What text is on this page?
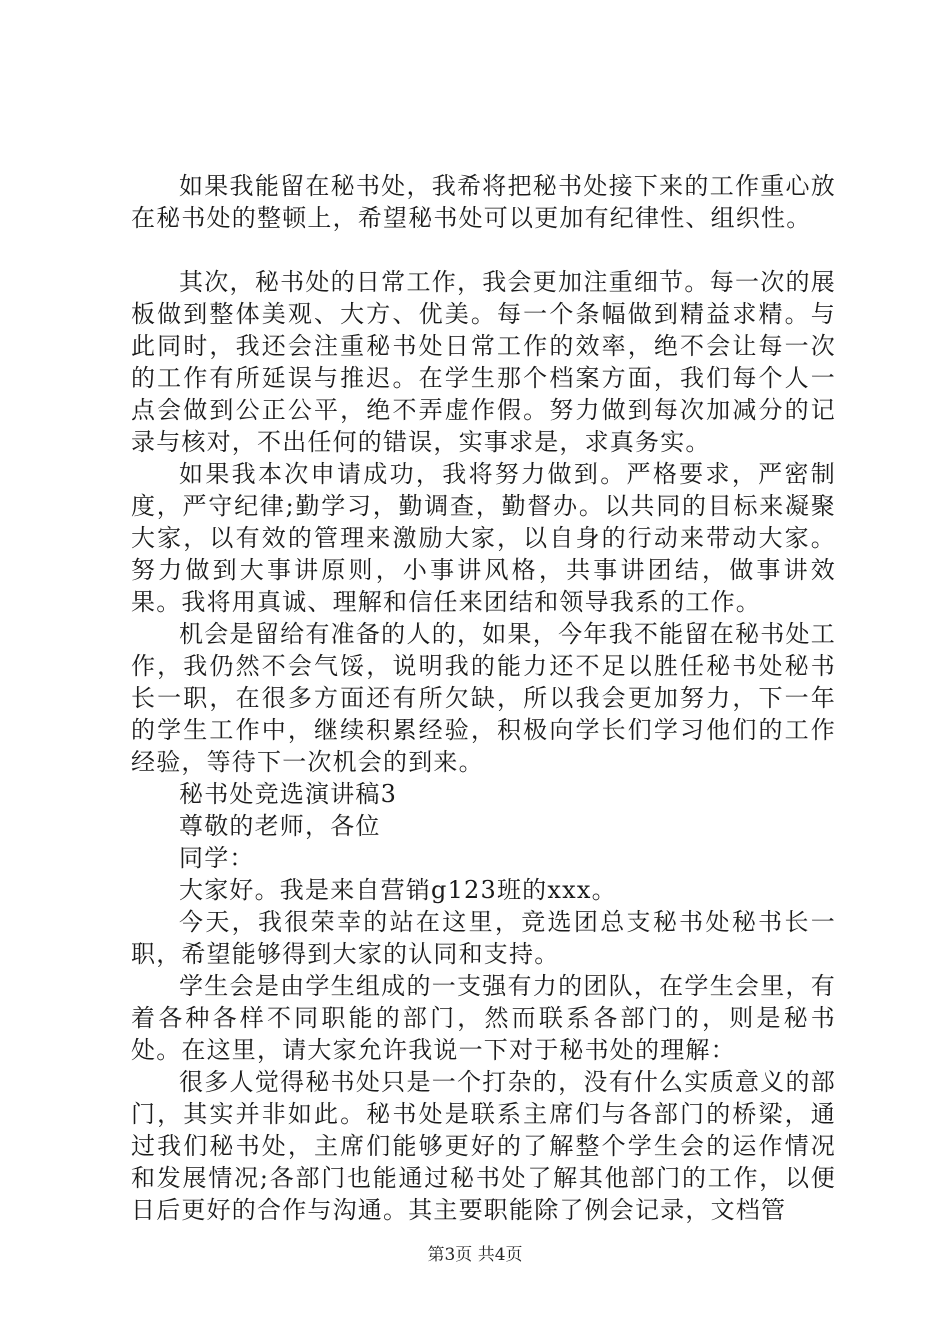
如果我能留在秘书处，我希将把秘书处接下来的工作重心放在秘书处的整顿上，希望秘书处可以更加有纪律性、组织性。

其次，秘书处的日常工作，我会更加注重细节。每一次的展板做到整体美观、大方、优美。每一个条幅做到精益求精。与此同时，我还会注重秘书处日常工作的效率，绝不会让每一次的工作有所延误与推迟。在学生那个档案方面，我们每个人一点会做到公正公平，绝不弄虚作假。努力做到每次加减分的记录与核对，不出任何的错误，实事求是，求真务实。

如果我本次申请成功，我将努力做到。严格要求，严密制度，严守纪律;勤学习，勤调查，勤督办。以共同的目标来凝聚大家，以有效的管理来激励大家，以自身的行动来带动大家。努力做到大事讲原则，小事讲风格，共事讲团结，做事讲效果。我将用真诚、理解和信任来团结和领导我系的工作。

机会是留给有准备的人的，如果，今年我不能留在秘书处工作，我仍然不会气馁，说明我的能力还不足以胜任秘书处秘书长一职，在很多方面还有所欠缺，所以我会更加努力，下一年的学生工作中，继续积累经验，积极向学长们学习他们的工作经验，等待下一次机会的到来。

秘书处竞选演讲稿3

尊敬的老师，各位

同学：

大家好。我是来自营销g123班的xxx。

今天，我很荣幸的站在这里，竞选团总支秘书处秘书长一职，希望能够得到大家的认同和支持。

学生会是由学生组成的一支强有力的团队，在学生会里，有着各种各样不同职能的部门，然而联系各部门的，则是秘书处。在这里，请大家允许我说一下对于秘书处的理解：

很多人觉得秘书处只是一个打杂的，没有什么实质意义的部门，其实并非如此。秘书处是联系主席们与各部门的桥梁，通过我们秘书处，主席们能够更好的了解整个学生会的运作情况和发展情况;各部门也能通过秘书处了解其他部门的工作，以便日后更好的合作与沟通。其主要职能除了例会记录，文档管

第3页 共4页
